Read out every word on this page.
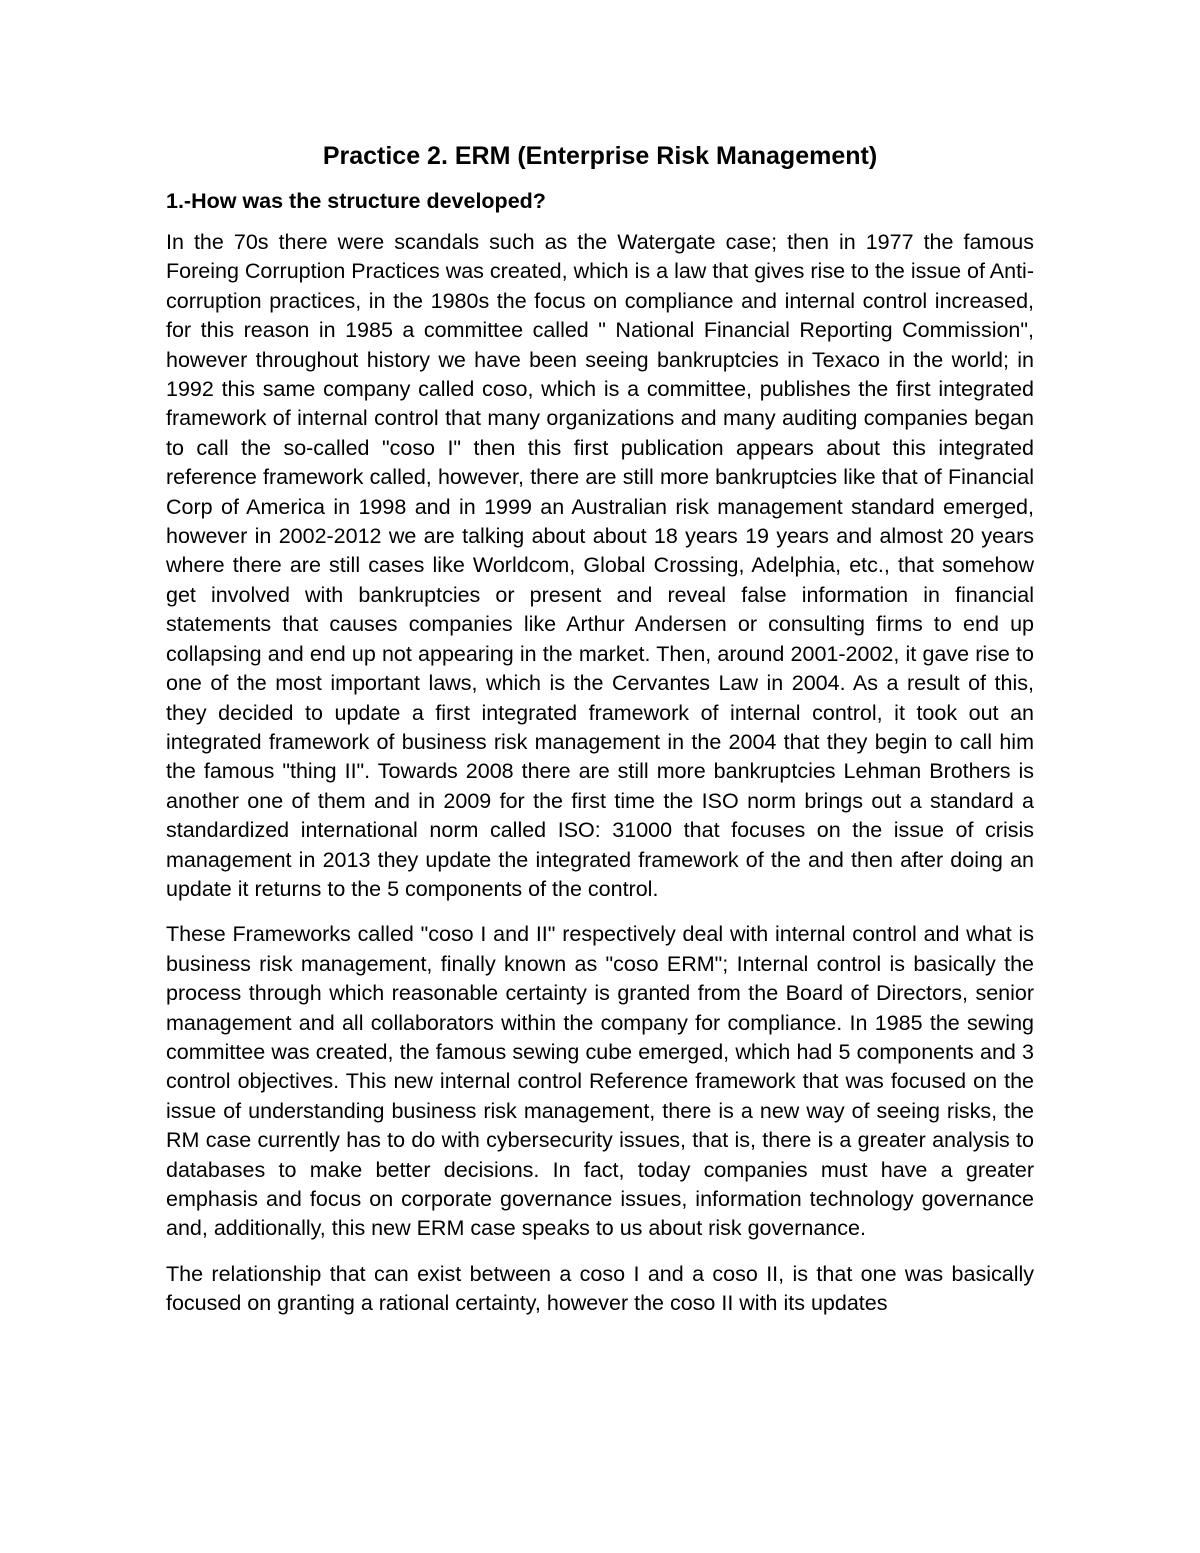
Practice 2. ERM (Enterprise Risk Management)
1.-How was the structure developed?

In the 70s there were scandals such as the Watergate case; then in 1977 the famous Foreing Corruption Practices was created, which is a law that gives rise to the issue of Anti-corruption practices, in the 1980s the focus on compliance and internal control increased, for this reason in 1985 a committee called " National Financial Reporting Commission", however throughout history we have been seeing bankruptcies in Texaco in the world; in 1992 this same company called coso, which is a committee, publishes the first integrated framework of internal control that many organizations and many auditing companies began to call the so-called "coso I" then this first publication appears about this integrated reference framework called, however, there are still more bankruptcies like that of Financial Corp of America in 1998 and in 1999 an Australian risk management standard emerged, however in 2002-2012 we are talking about about 18 years 19 years and almost 20 years where there are still cases like Worldcom, Global Crossing, Adelphia, etc., that somehow get involved with bankruptcies or present and reveal false information in financial statements that causes companies like Arthur Andersen or consulting firms to end up collapsing and end up not appearing in the market. Then, around 2001-2002, it gave rise to one of the most important laws, which is the Cervantes Law in 2004. As a result of this, they decided to update a first integrated framework of internal control, it took out an integrated framework of business risk management in the 2004 that they begin to call him the famous "thing II". Towards 2008 there are still more bankruptcies Lehman Brothers is another one of them and in 2009 for the first time the ISO norm brings out a standard a standardized international norm called ISO: 31000 that focuses on the issue of crisis management in 2013 they update the integrated framework of the and then after doing an update it returns to the 5 components of the control.

These Frameworks called "coso I and II" respectively deal with internal control and what is business risk management, finally known as "coso ERM"; Internal control is basically the process through which reasonable certainty is granted from the Board of Directors, senior management and all collaborators within the company for compliance. In 1985 the sewing committee was created, the famous sewing cube emerged, which had 5 components and 3 control objectives. This new internal control Reference framework that was focused on the issue of understanding business risk management, there is a new way of seeing risks, the RM case currently has to do with cybersecurity issues, that is, there is a greater analysis to databases to make better decisions. In fact, today companies must have a greater emphasis and focus on corporate governance issues, information technology governance and, additionally, this new ERM case speaks to us about risk governance.

The relationship that can exist between a coso I and a coso II, is that one was basically focused on granting a rational certainty, however the coso II with its updates
